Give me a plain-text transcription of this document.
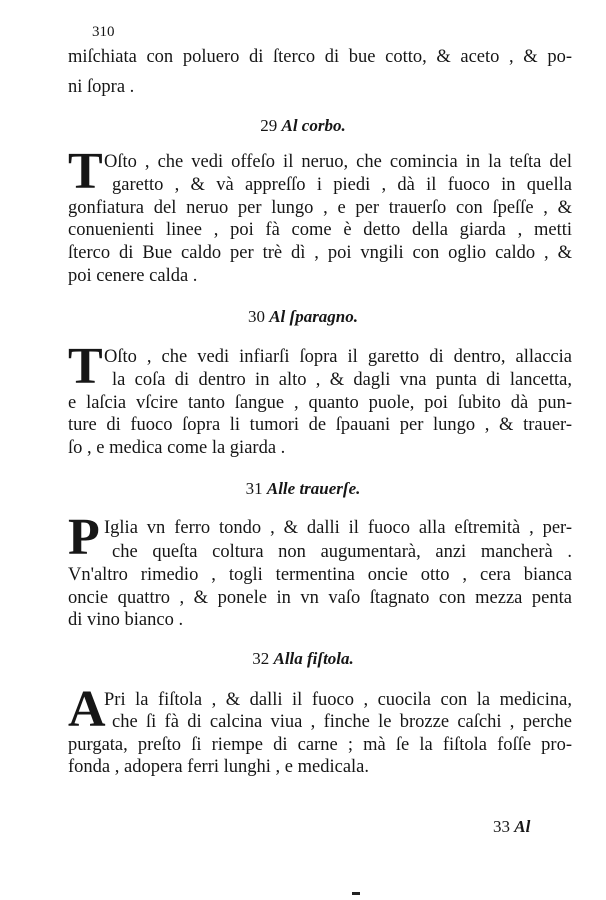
310
miſchiata con poluero di ſterco di bue cotto, & aceto , & po-
ni ſopra .
29 Al corbo.
T Oſto , che vedi offeſo il neruo, che comincia in la teſta del
garetto , & và appreſſo i piedi , dà il fuoco in quella
gonfiatura del neruo per lungo , e per trauerſo con ſpeſſe , &
conuenienti linee , poi fà come è detto della giarda , metti
ſterco di Bue caldo per trè dì , poi vngili con oglio caldo , &
poi cenere calda .
30 Al ſparagno.
T Oſto , che vedi infiarſi ſopra il garetto di dentro, allaccia
la coſa di dentro in alto , & dagli vna punta di lancetta,
e laſcia vſcire tanto ſangue , quanto puole, poi ſubito dà pun-
ture di fuoco ſopra li tumori de ſpauani per lungo , & trauer-
ſo , e medica come la giarda .
31 Alle trauerſe.
P Iglia vn ferro tondo , & dalli il fuoco alla eſtremità , per-
che queſta coltura non augumentarà, anzi mancherà .
Vn'altro rimedio , togli termentina oncie otto , cera bianca
oncie quattro , & ponele in vn vaſo ſtagnato con mezza penta
di vino bianco .
32 Alla fiſtola.
A
Pri la fiſtola , & dalli il fuoco , cuocila con la medicina,
che ſi fà di calcina viua , finche le brozze caſchi , perche
purgata, preſto ſi riempe di carne ; mà ſe la fiſtola foſſe pro-
fonda , adopera ferri lunghi , e medicala.
33 Al
